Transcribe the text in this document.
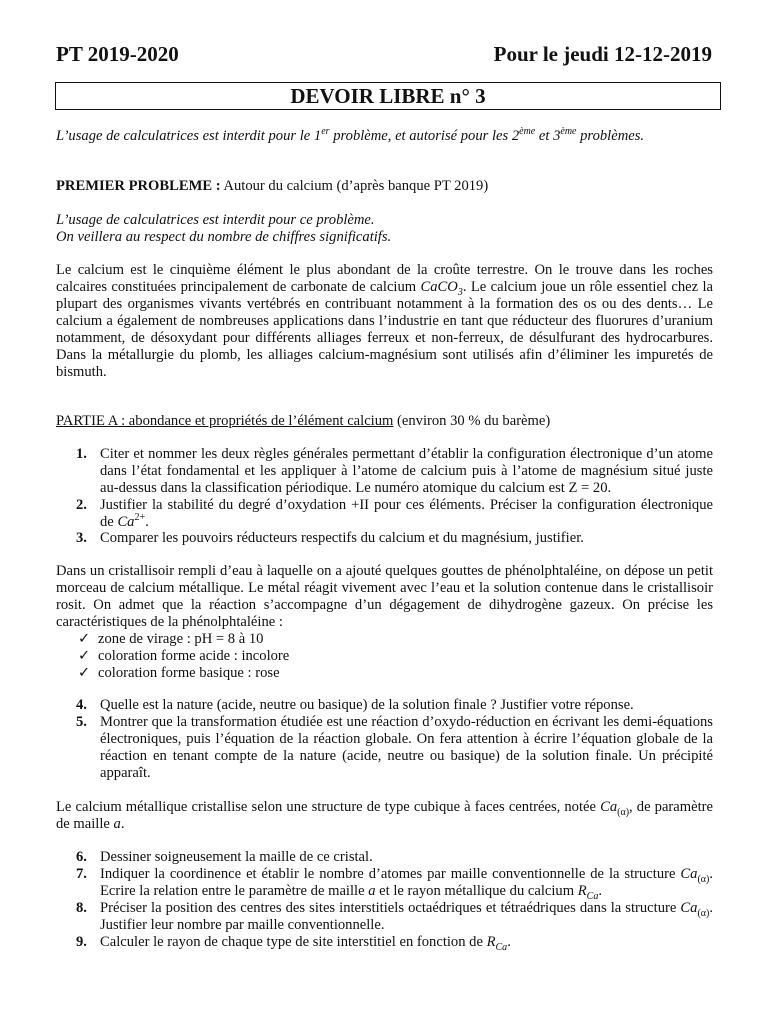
PT 2019-2020	Pour le jeudi 12-12-2019
DEVOIR LIBRE n° 3
L’usage de calculatrices est interdit pour le 1er problème, et autorisé pour les 2ème et 3ème problèmes.
PREMIER PROBLEME : Autour du calcium (d’après banque PT 2019)
L’usage de calculatrices est interdit pour ce problème.
On veillera au respect du nombre de chiffres significatifs.
Le calcium est le cinquième élément le plus abondant de la croûte terrestre. On le trouve dans les roches calcaires constituées principalement de carbonate de calcium CaCO$_3$. Le calcium joue un rôle essentiel chez la plupart des organismes vivants vertébrés en contribuant notamment à la formation des os ou des dents… Le calcium a également de nombreuses applications dans l’industrie en tant que réducteur des fluorures d’uranium notamment, de désoxydant pour différents alliages ferreux et non-ferreux, de désulfurant des hydrocarbures. Dans la métallurgie du plomb, les alliages calcium-magnésium sont utilisés afin d’éliminer les impuretés de bismuth.
PARTIE A : abondance et propriétés de l’élément calcium (environ 30 % du barème)
1. Citer et nommer les deux règles générales permettant d’établir la configuration électronique d’un atome dans l’état fondamental et les appliquer à l’atome de calcium puis à l’atome de magnésium situé juste au-dessus dans la classification périodique. Le numéro atomique du calcium est Z = 20.
2. Justifier la stabilité du degré d’oxydation +II pour ces éléments. Préciser la configuration électronique de $Ca^{2+}$.
3. Comparer les pouvoirs réducteurs respectifs du calcium et du magnésium, justifier.
Dans un cristallisoir rempli d’eau à laquelle on a ajouté quelques gouttes de phénolphtaléine, on dépose un petit morceau de calcium métallique. Le métal réagit vivement avec l’eau et la solution contenue dans le cristallisoir rosit. On admet que la réaction s’accompagne d’un dégagement de dihydrogène gazeux. On précise les caractéristiques de la phénolphtaléine :
✓ zone de virage : pH = 8 à 10
✓ coloration forme acide : incolore
✓ coloration forme basique : rose
4. Quelle est la nature (acide, neutre ou basique) de la solution finale ? Justifier votre réponse.
5. Montrer que la transformation étudiée est une réaction d’oxydo-réduction en écrivant les demi-équations électroniques, puis l’équation de la réaction globale. On fera attention à écrire l’équation globale de la réaction en tenant compte de la nature (acide, neutre ou basique) de la solution finale. Un précipité apparaît.
Le calcium métallique cristallise selon une structure de type cubique à faces centrées, notée $Ca_{(\alpha)}$, de paramètre de maille a.
6. Dessiner soigneusement la maille de ce cristal.
7. Indiquer la coordinence et établir le nombre d’atomes par maille conventionnelle de la structure $Ca_{(\alpha)}$. Ecrire la relation entre le paramètre de maille a et le rayon métallique du calcium $R_{Ca}$.
8. Préciser la position des centres des sites interstitiels octaédriques et tétraédriques dans la structure $Ca_{(\alpha)}$. Justifier leur nombre par maille conventionnelle.
9. Calculer le rayon de chaque type de site interstitiel en fonction de $R_{Ca}$.
